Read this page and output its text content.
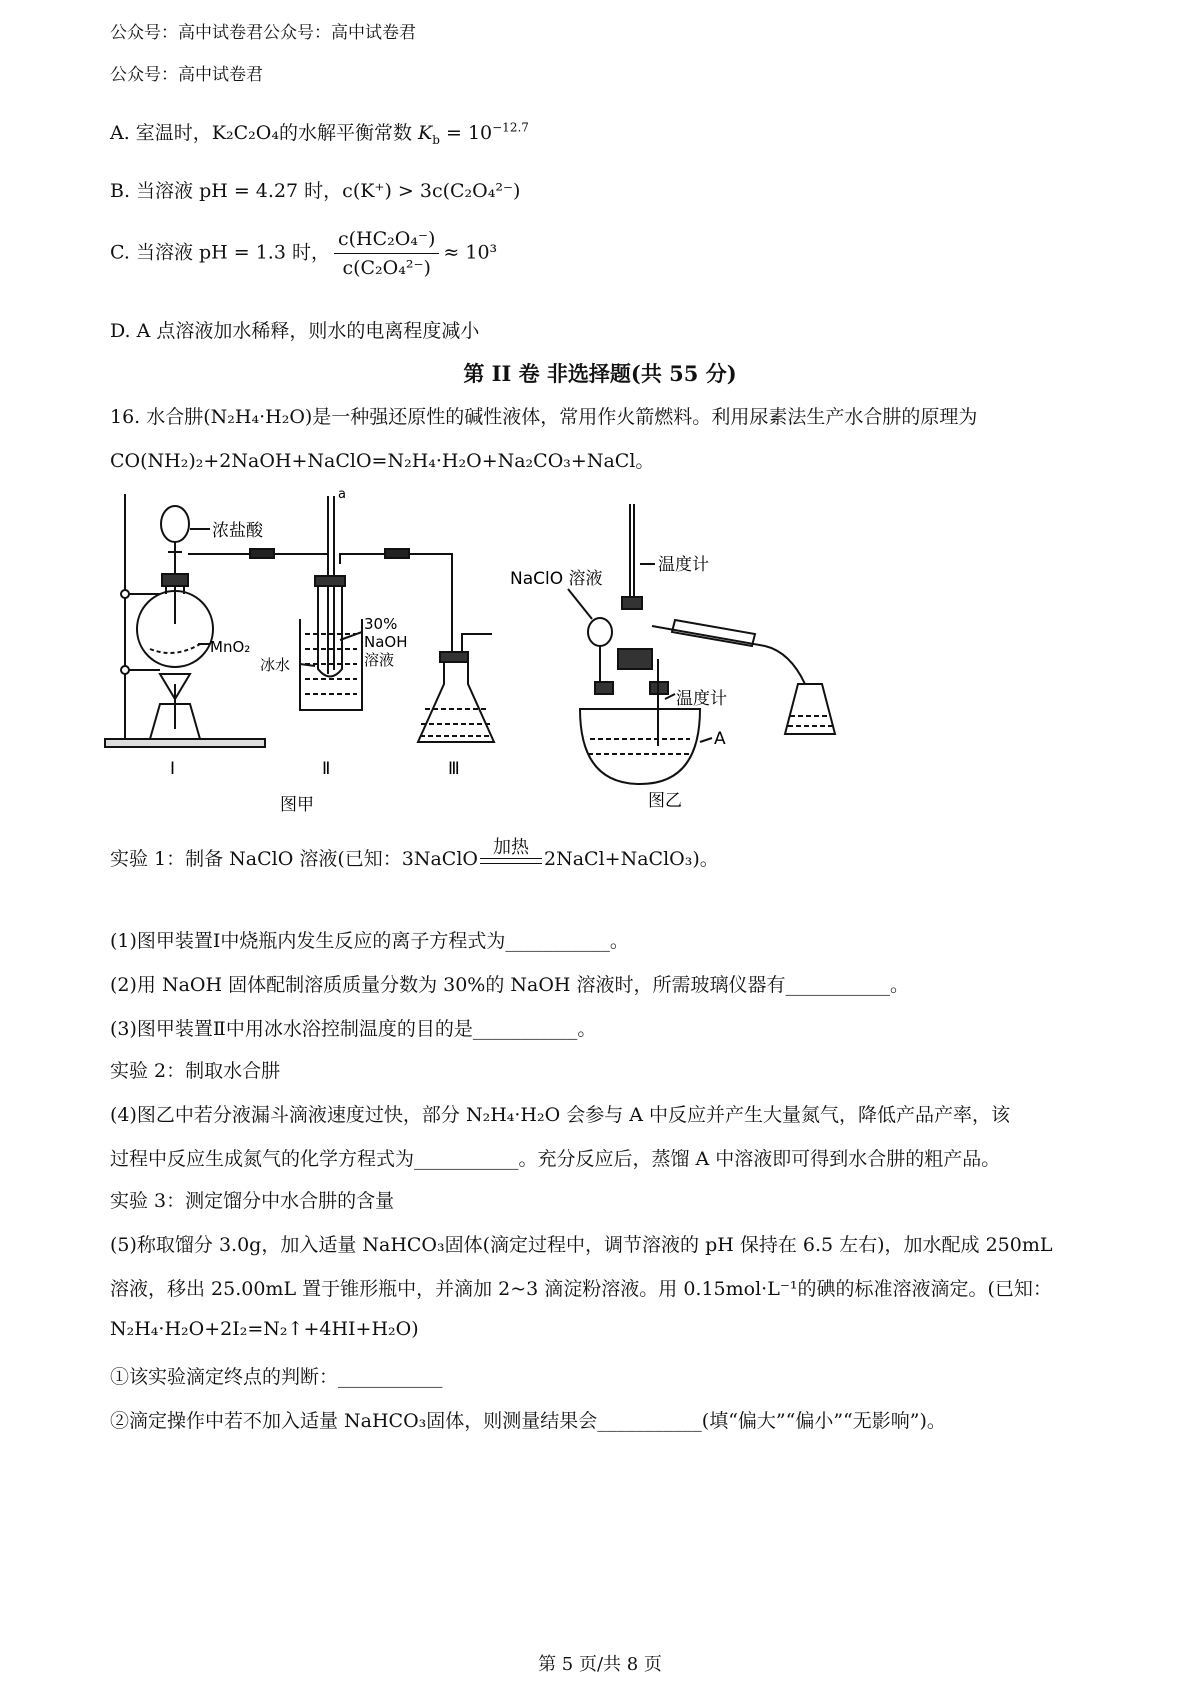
公众号：高中试卷君公众号：高中试卷君
公众号：高中试卷君
A. 室温时，K₂C₂O₄的水解平衡常数 $K_b = 10^{-12.7}$
B. 当溶液 pH = 4.27 时，c(K⁺) > 3c(C₂O₄²⁻)
C. 当溶液 pH = 1.3 时， $\frac{\text{c(HC₂O₄⁻)}}{\text{c(C₂O₄²⁻)}} \approx 10^3$
D. A 点溶液加水稀释，则水的电离程度减小
第 II 卷 非选择题(共 55 分)
16. 水合肼(N₂H₄·H₂O)是一种强还原性的碱性液体，常用作火箭燃料。利用尿素法生产水合肼的原理为
CO(NH₂)₂+2NaOH+NaClO=N₂H₄·H₂O+Na₂CO₃+NaCl。
浓盐酸
MnO₂
a
30%
NaOH
溶液
冰水
Ⅰ	Ⅱ	Ⅲ
图甲
NaClO 溶液
温度计
温度计
A
图乙
实验 1：制备 NaClO 溶液(已知：3NaClO
加热
2NaCl+NaClO₃)。
(1)图甲装置Ⅰ中烧瓶内发生反应的离子方程式为___________。
(2)用 NaOH 固体配制溶质质量分数为 30%的 NaOH 溶液时，所需玻璃仪器有___________。
(3)图甲装置Ⅱ中用冰水浴控制温度的目的是___________。
实验 2：制取水合肼
(4)图乙中若分液漏斗滴液速度过快，部分 N₂H₄·H₂O 会参与 A 中反应并产生大量氮气，降低产品产率，该
过程中反应生成氮气的化学方程式为___________。充分反应后，蒸馏 A 中溶液即可得到水合肼的粗产品。
实验 3：测定馏分中水合肼的含量
(5)称取馏分 3.0g，加入适量 NaHCO₃固体(滴定过程中，调节溶液的 pH 保持在 6.5 左右)，加水配成 250mL
溶液，移出 25.00mL 置于锥形瓶中，并滴加 2~3 滴淀粉溶液。用 0.15mol·L⁻¹的碘的标准溶液滴定。(已知：
N₂H₄·H₂O+2I₂=N₂↑+4HI+H₂O)
①该实验滴定终点的判断：___________
②滴定操作中若不加入适量 NaHCO₃固体，则测量结果会___________(填“偏大”“偏小”“无影响”)。
第 5 页/共 8 页
